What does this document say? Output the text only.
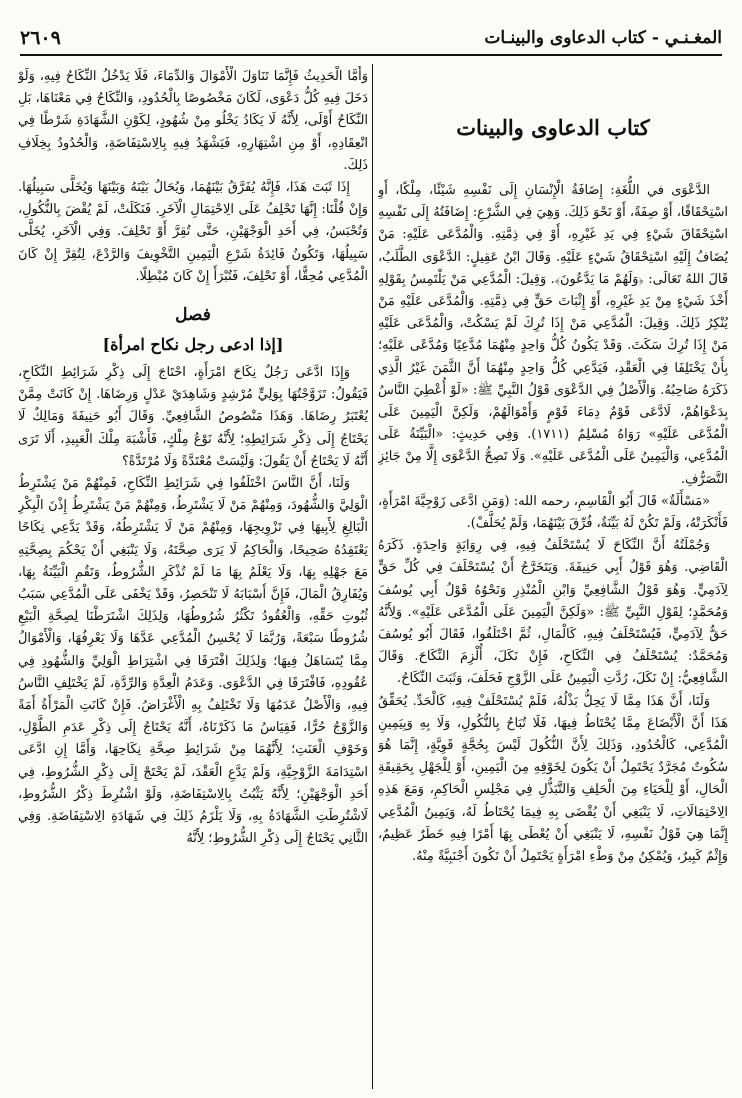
المغـنـي - كتاب الدعاوى والبينـات
٢٦٠٩
كتاب الدعاوى والبينات

الدَّعْوَى في اللُّغَةِ: إِضَافَةُ الْإِنْسَانِ إِلَى نَفْسِهِ شَيْئًا، مِلْكًا، أَوِ اسْتِحْقَاقًا، أَوْ صِفَةً، أَوْ نَحْوَ ذَلِكَ. وَهِيَ فِي الشَّرْعِ: إِضَافَتُهُ إِلَى نَفْسِهِ اسْتِحْقَاقَ شَيْءٍ فِي يَدِ غَيْرِهِ، أَوْ فِي ذِمَّتِهِ. وَالْمُدَّعَى عَلَيْهِ: مَنْ يُضَافُ إِلَيْهِ اسْتِحْقَاقُ شَيْءٍ عَلَيْهِ. وَقَالَ ابْنُ عَقِيلٍ: الدَّعْوَى الطَّلَبُ، قَالَ اللهُ تَعَالَى: ﴿وَلَهُمْ مَا يَدَّعُونَ﴾. وَقِيلَ: الْمُدَّعِي مَنْ يَلْتَمِسُ بِقَوْلِهِ أَخْذَ شَيْءٍ مِنْ يَدِ غَيْرِهِ، أَوْ إِثْبَاتَ حَقٍّ فِي ذِمَّتِهِ. وَالْمُدَّعَى عَلَيْهِ مَنْ يُنْكِرُ ذَلِكَ. وَقِيلَ: الْمُدَّعِي مَنْ إِذَا تُرِكَ لَمْ يَسْكُتْ، وَالْمُدَّعَى عَلَيْهِ مَنْ إِذَا تُرِكَ سَكَتَ. وَقَدْ يَكُونُ كُلُّ وَاحِدٍ مِنْهُمَا مُدَّعِيًا وَمُدَّعًى عَلَيْهِ؛ بِأَنْ يَخْتَلِفَا فِي الْعَقْدِ، فَيَدَّعِي كُلُّ وَاحِدٍ مِنْهُمَا أَنَّ الثَّمَنَ غَيْرُ الَّذِي ذَكَرَهُ صَاحِبُهُ. وَالْأَصْلُ فِي الدَّعْوَى قَوْلُ النَّبِيِّ ﷺ: «لَوْ أُعْطِيَ النَّاسُ بِدَعْوَاهُمْ، لَادَّعَى قَوْمٌ دِمَاءَ قَوْمٍ وَأَمْوَالَهُمْ، وَلَكِنَّ الْيَمِينَ عَلَى الْمُدَّعَى عَلَيْهِ» رَوَاهُ مُسْلِمٌ (١٧١١). وَفِي حَدِيثٍ: «الْبَيِّنَةُ عَلَى الْمُدَّعِي، وَالْيَمِينُ عَلَى الْمُدَّعَى عَلَيْهِ». وَلَا تَصِحُّ الدَّعْوَى إِلَّا مِنْ جَائِزِ التَّصَرُّفِ.

«مَسْأَلَةٌ» قَالَ أَبُو الْقَاسِمِ، رحمه الله: (وَمَنِ ادَّعَى زَوْجِيَّةَ امْرَأَةٍ، فَأَنْكَرَتْهُ، وَلَمْ تَكُنْ لَهُ بَيِّنَةٌ، فُرِّقَ بَيْنَهُمَا، وَلَمْ يُحَلَّفْ).

وَجُمْلَتُهُ أَنَّ النِّكَاحَ لَا يُسْتَحْلَفُ فِيهِ، فِي رِوَايَةٍ وَاحِدَةٍ. ذَكَرَهُ الْقَاضِي. وَهُوَ قَوْلُ أَبِي حَنِيفَةَ. وَيَتَخَرَّجُ أَنْ يُسْتَحْلَفَ فِي كُلِّ حَقٍّ لِآدَمِيٍّ. وَهُوَ قَوْلُ الشَّافِعِيِّ وَابْنِ الْمُنْذِرِ وَنَحْوُهُ قَوْلُ أَبِي يُوسُفَ وَمُحَمَّدٍ؛ لِقَوْلِ النَّبِيِّ ﷺ: «وَلَكِنَّ الْيَمِينَ عَلَى الْمُدَّعَى عَلَيْهِ». وَلِأَنَّهُ حَقٌّ لِآدَمِيٍّ، فَيُسْتَحْلَفُ فِيهِ، كَالْمَالِ، ثُمَّ اخْتَلَفُوا، فَقَالَ أَبُو يُوسُفَ وَمُحَمَّدٌ: يُسْتَحْلَفُ فِي النِّكَاحِ، فَإِنْ نَكَلَ، أُلْزِمَ النِّكَاحَ. وَقَالَ الشَّافِعِيُّ: إِنْ نَكَلَ، رُدَّتِ الْيَمِينُ عَلَى الزَّوْجِ فَحَلَفَ، وَثَبَتَ النِّكَاحُ.

وَلَنَا، أَنَّ هَذَا مِمَّا لَا يَحِلُّ بَذْلُهُ، فَلَمْ يُسْتَحْلَفْ فِيهِ، كَالْحَدِّ. يُحَقِّقُ هَذَا أَنَّ الْأَبْضَاعَ مِمَّا يُحْتَاطُ فِيهَا، فَلَا تُبَاحُ بِالنُّكُولِ، وَلَا بِهِ وَبِيَمِينِ الْمُدَّعِي، كَالْحُدُودِ، وَذَلِكَ لِأَنَّ النُّكُولَ لَيْسَ بِحُجَّةٍ قَوِيَّةٍ، إِنَّمَا هُوَ سُكُوتٌ مُجَرَّدٌ يَحْتَمِلُ أَنْ يَكُونَ لِخَوْفِهِ مِنَ الْيَمِينِ، أَوْ لِلْجَهْلِ بِحَقِيقَةِ الْحَالِ، أَوْ لِلْحَيَاءِ مِنَ الْحَلِفِ وَالتَّبَذُّلِ فِي مَجْلِسِ الْحَاكِمِ، وَمَعَ هَذِهِ الِاحْتِمَالَاتِ، لَا يَنْبَغِي أَنْ يُقْضَى بِهِ فِيمَا يُحْتَاطُ لَهُ، وَيَمِينُ الْمُدَّعِي إِنَّمَا هِيَ قَوْلُ نَفْسِهِ، لَا يَنْبَغِي أَنْ يُعْطَى بِهَا أَمْرًا فِيهِ خَطَرٌ عَظِيمٌ، وَإِثْمٌ كَبِيرٌ، وَيُمْكِنُ مِنْ وَطْءِ امْرَأَةٍ يَحْتَمِلُ أَنْ تَكُونَ أَجْنَبِيَّةً مِنْهُ.

وَأَمَّا الْحَدِيثُ فَإِنَّمَا تَنَاوَلَ الْأَمْوَالَ وَالدِّمَاءَ، فَلَا يَدْخُلُ النِّكَاحُ فِيهِ، وَلَوْ دَخَلَ فِيهِ كُلُّ دَعْوَى، لَكَانَ مَخْصُوصًا بِالْحُدُودِ، وَالنِّكَاحُ فِي مَعْنَاهَا، بَلِ النِّكَاحُ أَوْلَى، لِأَنَّهُ لَا يَكَادُ يَخْلُو مِنْ شُهُودٍ، لِكَوْنِ الشَّهَادَةِ شَرْطًا فِي انْعِقَادِهِ، أَوْ مِنِ اشْتِهَارِهِ، فَيَشْهَدُ فِيهِ بِالِاسْتِفَاضَةِ، وَالْحُدُودُ بِخِلَافِ ذَلِكَ.

إِذَا ثَبَتَ هَذَا، فَإِنَّهُ يُفَرَّقُ بَيْنَهُمَا، وَيُحَالُ بَيْنَهُ وَبَيْنَهَا وَيُخَلَّى سَبِيلُهَا. وَإِنْ قُلْنَا: إِنَّهَا تَحْلِفُ عَلَى الِاحْتِمَالِ الْآخَرِ. فَنَكَلَتْ، لَمْ يُقْضَ بِالنُّكُولِ، وَتُحْبَسُ، فِي أَحَدِ الْوَجْهَيْنِ، حَتَّى تُقِرَّ أَوْ تَحْلِفَ. وَفِي الْآخَرِ، يُخَلَّى سَبِيلُهَا، وَتَكُونُ فَائِدَةُ شَرْعِ الْيَمِينِ التَّخْوِيفَ وَالرَّدْعَ، لِتُقِرَّ إِنْ كَانَ الْمُدَّعِي مُحِقًّا، أَوْ تَحْلِفَ، فَتُبْرَأَ إِنْ كَانَ مُبْطِلًا.

فصل
[إذا ادعى رجل نكاح امرأة]

وَإِذَا ادَّعَى رَجُلٌ نِكَاحَ امْرَأَةٍ، احْتَاجَ إِلَى ذِكْرِ شَرَائِطِ النِّكَاحِ، فَيَقُولُ: تَزَوَّجْتُهَا بِوَلِيٍّ مُرْشِدٍ وَشَاهِدَيْ عَدْلٍ وَرِضَاهَا. إِنْ كَانَتْ مِمَّنْ يُعْتَبَرُ رِضَاهَا. وَهَذَا مَنْصُوصُ الشَّافِعِيِّ. وَقَالَ أَبُو حَنِيفَةَ وَمَالِكٌ لَا يَحْتَاجُ إِلَى ذِكْرِ شَرَائِطِهِ؛ لِأَنَّهُ نَوْعُ مِلْكٍ، فَأَشْبَهَ مِلْكَ الْعَبِيدِ، أَلَا تَرَى أَنَّهُ لَا يَحْتَاجُ أَنْ يَقُولَ: وَلَيْسَتْ مُعْتَدَّةً وَلَا مُرْتَدَّةً؟

وَلَنَا، أَنَّ النَّاسَ اخْتَلَفُوا فِي شَرَائِطِ النِّكَاحِ، فَمِنْهُمْ مَنْ يَشْتَرِطُ الْوَلِيَّ وَالشُّهُودَ، وَمِنْهُمْ مَنْ لَا يَشْتَرِطُ، وَمِنْهُمْ مَنْ يَشْتَرِطُ إِذْنَ الْبِكْرِ الْبَالِغِ لِأَبِيهَا فِي تَزْوِيجِهَا، وَمِنْهُمْ مَنْ لَا يَشْتَرِطُهُ، وَقَدْ يَدَّعِي نِكَاحًا يَعْتَقِدُهُ صَحِيحًا، وَالْحَاكِمُ لَا يَرَى صِحَّتَهُ، وَلَا يَنْبَغِي أَنْ يَحْكُمَ بِصِحَّتِهِ مَعَ جَهْلِهِ بِهَا، وَلَا يَعْلَمُ بِهَا مَا لَمْ تُذْكَرِ الشُّرُوطُ، وَتَقُمِ الْبَيِّنَةُ بِهَا، وَيُفَارِقُ الْمَالَ، فَإِنَّ أَسْبَابَهُ لَا تَنْحَصِرُ، وَقَدْ يَخْفَى عَلَى الْمُدَّعِي سَبَبُ ثُبُوتِ حَقِّهِ، وَالْعُقُودُ تَكْثُرُ شُرُوطُهَا، وَلِذَلِكَ اشْتَرَطْنَا لِصِحَّةِ الْبَيْعِ شُرُوطًا سَبْعَةً، وَرُبَّمَا لَا يُحْسِنُ الْمُدَّعِي عَدَّهَا وَلَا يَعْرِفُهَا، وَالْأَمْوَالُ مِمَّا يُتَسَاهَلُ فِيهَا؛ وَلِذَلِكَ افْتَرَقَا فِي اشْتِرَاطِ الْوَلِيِّ وَالشُّهُودِ فِي عُقُودِهِ، فَافْتَرَقَا فِي الدَّعْوَى. وَعَدَمُ الْعِدَّةِ وَالرِّدَّةِ، لَمْ يَخْتَلِفِ النَّاسُ فِيهِ، وَالْأَصْلُ عَدَمُهَا وَلَا تَخْتَلِفُ بِهِ الْأَغْرَاضُ. فَإِنْ كَانَتِ الْمَرْأَةُ أَمَةً وَالزَّوْجُ حُرًّا، فَقِيَاسُ مَا ذَكَرْنَاهُ، أَنَّهُ يَحْتَاجُ إِلَى ذِكْرِ عَدَمِ الطَّوْلِ، وَخَوْفِ الْعَنَتِ؛ لِأَنَّهُمَا مِنْ شَرَائِطِ صِحَّةِ نِكَاحِهَا، وَأَمَّا إِنِ ادَّعَى اسْتِدَامَةَ الزَّوْجِيَّةِ، وَلَمْ يَدَّعِ الْعَقْدَ، لَمْ يَحْتَجْ إِلَى ذِكْرِ الشُّرُوطِ، فِي أَحَدِ الْوَجْهَيْنِ؛ لِأَنَّهُ يَثْبُتُ بِالِاسْتِفَاضَةِ، وَلَوْ اشْتُرِطَ ذِكْرُ الشُّرُوطِ، لَاشْتُرِطَتِ الشَّهَادَةُ بِهِ، وَلَا يَلْزَمُ ذَلِكَ فِي شَهَادَةِ الِاسْتِفَاضَةِ. وَفِي الثَّانِي يَحْتَاجُ إِلَى ذِكْرِ الشُّرُوطِ؛ لِأَنَّهُ
